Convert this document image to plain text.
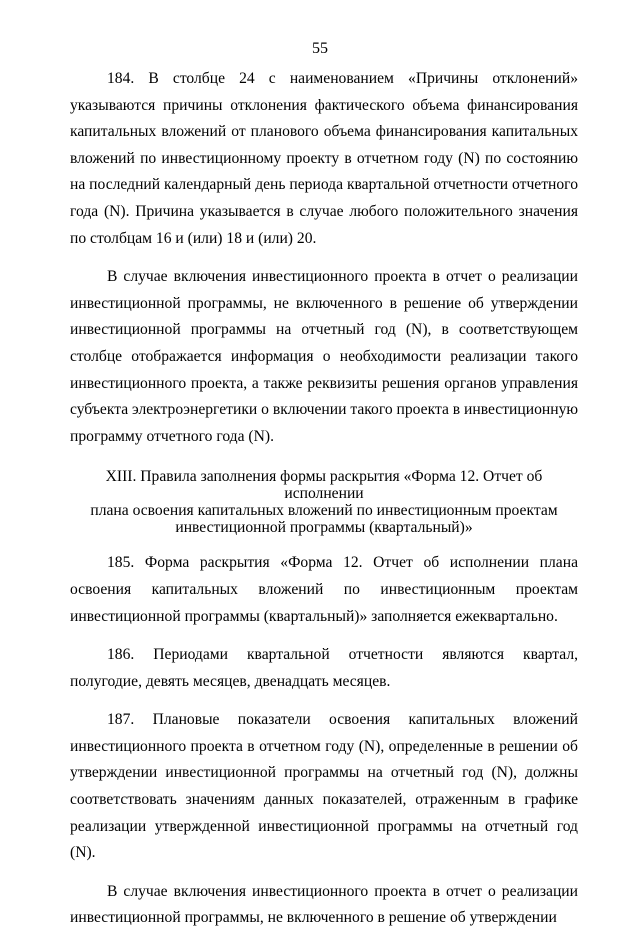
55

184. В столбце 24 с наименованием «Причины отклонений» указываются причины отклонения фактического объема финансирования капитальных вложений от планового объема финансирования капитальных вложений по инвестиционному проекту в отчетном году (N) по состоянию на последний календарный день периода квартальной отчетности отчетного года (N). Причина указывается в случае любого положительного значения по столбцам 16 и (или) 18 и (или) 20.

В случае включения инвестиционного проекта в отчет о реализации инвестиционной программы, не включенного в решение об утверждении инвестиционной программы на отчетный год (N), в соответствующем столбце отображается информация о необходимости реализации такого инвестиционного проекта, а также реквизиты решения органов управления субъекта электроэнергетики о включении такого проекта в инвестиционную программу отчетного года (N).

XIII. Правила заполнения формы раскрытия «Форма 12. Отчет об исполнении
плана освоения капитальных вложений по инвестиционным проектам
инвестиционной программы (квартальный)»

185. Форма раскрытия «Форма 12. Отчет об исполнении плана освоения капитальных вложений по инвестиционным проектам инвестиционной программы (квартальный)» заполняется ежеквартально.

186. Периодами квартальной отчетности являются квартал, полугодие, девять месяцев, двенадцать месяцев.

187. Плановые показатели освоения капитальных вложений инвестиционного проекта в отчетном году (N), определенные в решении об утверждении инвестиционной программы на отчетный год (N), должны соответствовать значениям данных показателей, отраженным в графике реализации утвержденной инвестиционной программы на отчетный год (N).

В случае включения инвестиционного проекта в отчет о реализации инвестиционной программы, не включенного в решение об утверждении
